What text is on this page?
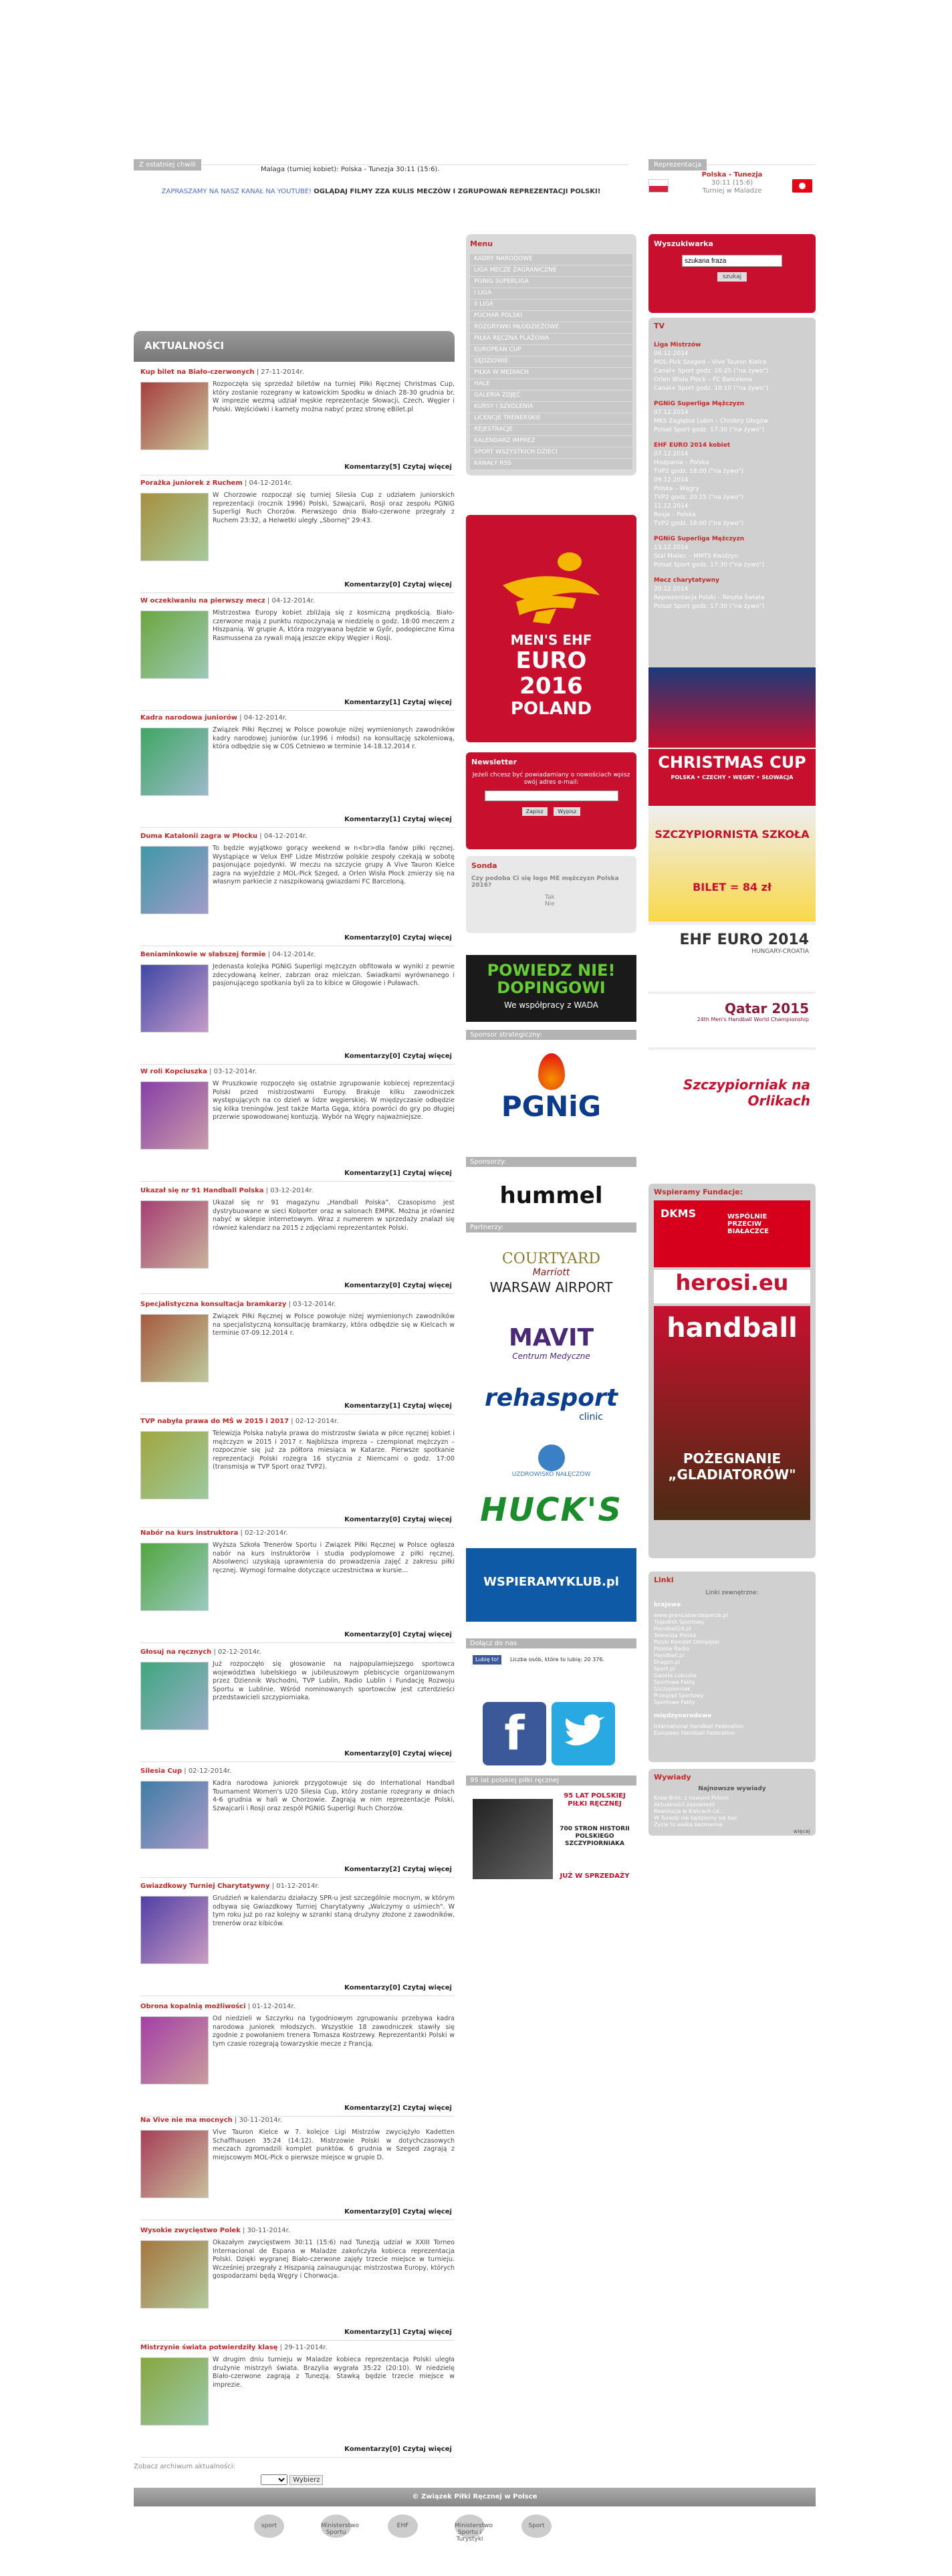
Z ostatniej chwili
Malaga (turniej kobiet): Polska - Tunezja 30:11 (15:6).
ZAPRASZAMY NA NASZ KANAŁ NA YOUTUBE! OGLĄDAJ FILMY ZZA KULIS MECZÓW I ZGRUPOWAŃ REPREZENTACJI POLSKI!
Reprezentacja
Polska - Tunezja
30:11 (15:6)
Turniej w Maladze
AKTUALNOŚCI
Kup bilet na Biało-czerwonych | 27-11-2014r.
Rozpoczęła się sprzedaż biletów na turniej Piłki Ręcznej Christmas Cup, który zostanie rozegrany w katowickim Spodku w dniach 28-30 grudnia br. W imprezie wezmą udział męskie reprezentacje Słowacji, Czech, Węgier i Polski. Wejściówki i karnety można nabyć przez stronę eBilet.pl
Komentarzy[5] Czytaj więcej
Porażka juniorek z Ruchem | 04-12-2014r.
W Chorzowie rozpoczął się turniej Silesia Cup z udziałem juniorskich reprezentacji (rocznik 1996) Polski, Szwajcarii, Rosji oraz zespołu PGNiG Superligi Ruch Chorzów. Pierwszego dnia Biało-czerwone przegrały z Ruchem 23:32, a Helwetki uległy „Sbornej" 29:43.
Komentarzy[0] Czytaj więcej
W oczekiwaniu na pierwszy mecz | 04-12-2014r.
Mistrzostwa Europy kobiet zbliżają się z kosmiczną prędkością. Biało-czerwone mają z punktu rozpoczynają w niedzielę o godz. 18:00 meczem z Hiszpanią. W grupie A, która rozgrywana będzie w Győr, podopieczne Kima Rasmussena za rywali mają jeszcze ekipy Węgier i Rosji.
Komentarzy[1] Czytaj więcej
Kadra narodowa juniorów | 04-12-2014r.
Związek Piłki Ręcznej w Polsce powołuje niżej wymienionych zawodników kadry narodowej juniorów (ur.1996 i młodsi) na konsultację szkoleniową, która odbędzie się w COS Cetniewo w terminie 14-18.12.2014 r.
Komentarzy[1] Czytaj więcej
Duma Katalonii zagra w Płocku | 04-12-2014r.
To będzie wyjątkowo gorący weekend w n<br>dla fanów piłki ręcznej. Wystąpiące w Velux EHF Lidze Mistrzów polskie zespoły czekają w sobotę pasjonujące pojedynki. W meczu na szczycie grupy A Vive Tauron Kielce zagra na wyjeździe z MOL-Pick Szeged, a Orlen Wisła Płock zmierzy się na własnym parkiecie z naszpikowaną gwiazdami FC Barceloną.
Komentarzy[0] Czytaj więcej
Beniaminkowie w słabszej formie | 04-12-2014r.
Jedenasta kolejka PGNiG Superligi mężczyzn obfitowała w wyniki z pewnie zdecydowaną kelner, zabrzan oraz mielczan. Świadkami wyrównanego i pasjonującego spotkania byli za to kibice w Głogowie i Puławach.
Komentarzy[0] Czytaj więcej
W roli Kopciuszka | 03-12-2014r.
W Pruszkowie rozpoczęło się ostatnie zgrupowanie kobiecej reprezentacji Polski przed mistrzostwami Europy. Brakuje kilku zawodniczek występujących na co dzień w lidze węgierskiej. W międzyczasie odbędzie się kilka treningów. Jest także Marta Gęga, która powróci do gry po długiej przerwie spowodowanej kontuzją. Wybór na Węgry najważniejsze.
Komentarzy[1] Czytaj więcej
Ukazał się nr 91 Handball Polska | 03-12-2014r.
Ukazał się nr 91 magazynu „Handball Polska”. Czasopismo jest dystrybuowane w sieci Kolporter oraz w salonach EMPiK. Można je również nabyć w sklepie internetowym. Wraz z numerem w sprzedaży znalazł się również kalendarz na 2015 z zdjęciami reprezentantek Polski.
Komentarzy[0] Czytaj więcej
Specjalistyczna konsultacja bramkarzy | 03-12-2014r.
Związek Piłki Ręcznej w Polsce powołuje niżej wymienionych zawodników na specjalistyczną konsultację bramkarzy, która odbędzie się w Kielcach w terminie 07-09.12.2014 r.
Komentarzy[1] Czytaj więcej
TVP nabyła prawa do MŚ w 2015 i 2017 | 02-12-2014r.
Telewizja Polska nabyła prawa do mistrzostw świata w piłce ręcznej kobiet i mężczyzn w 2015 i 2017 r. Najbliższa impreza – czempionat mężczyzn – rozpocznie się już za półtora miesiąca w Katarze. Pierwsze spotkanie reprezentacji Polski rozegra 16 stycznia z Niemcami o godz. 17:00 (transmisja w TVP Sport oraz TVP2).
Komentarzy[0] Czytaj więcej
Nabór na kurs instruktora | 02-12-2014r.
Wyższa Szkoła Trenerów Sportu i Związek Piłki Ręcznej w Polsce ogłasza nabór na kurs instruktorów i studia podyplomowe z piłki ręcznej. Absolwenci uzyskają uprawnienia do prowadzenia zajęć z zakresu piłki ręcznej. Wymogi formalne dotyczące uczestnictwa w kursie...
Komentarzy[0] Czytaj więcej
Głosuj na ręcznych | 02-12-2014r.
Już rozpoczęło się głosowanie na najpopularniejszego sportowca województwa lubelskiego w jubileuszowym plebiscycie organizowanym przez Dziennik Wschodni, TVP Lublin, Radio Lublin i Fundację Rozwoju Sportu w Lublinie. Wśród nominowanych sportowców jest czterdzieści przedstawicieli szczypiorniaka.
Komentarzy[0] Czytaj więcej
Silesia Cup | 02-12-2014r.
Kadra narodowa juniorek przygotowuje się do International Handball Tournament Women's U20 Silesia Cup, który zostanie rozegrany w dniach 4-6 grudnia w hali w Chorzowie. Zagrają w nim reprezentacje Polski, Szwajcarii i Rosji oraz zespół PGNiG Superligi Ruch Chorzów.
Komentarzy[2] Czytaj więcej
Gwiazdkowy Turniej Charytatywny | 01-12-2014r.
Grudzień w kalendarzu działaczy SPR-u jest szczególnie mocnym, w którym odbywa się Gwiazdkowy Turniej Charytatywny „Walczymy o uśmiech". W tym roku już po raz kolejny w szranki staną drużyny złożone z zawodników, trenerów oraz kibiców.
Komentarzy[0] Czytaj więcej
Obrona kopalnią możliwości | 01-12-2014r.
Od niedzieli w Szczyrku na tygodniowym zgrupowaniu przebywa kadra narodowa juniorek młodszych. Wszystkie 18 zawodniczek stawiły się zgodnie z powołaniem trenera Tomasza Kostrzewy. Reprezentantki Polski w tym czasie rozegrają towarzyskie mecze z Francją.
Komentarzy[2] Czytaj więcej
Na Vive nie ma mocnych | 30-11-2014r.
Vive Tauron Kielce w 7. kolejce Ligi Mistrzów zwyciężyło Kadetten Schaffhausen 35:24 (14:12). Mistrzowie Polski w dotychczasowych meczach zgromadzili komplet punktów. 6 grudnia w Szeged zagrają z miejscowym MOL-Pick o pierwsze miejsce w grupie D.
Komentarzy[0] Czytaj więcej
Wysokie zwycięstwo Polek | 30-11-2014r.
Okazałym zwycięstwem 30:11 (15:6) nad Tunezją udział w XXIII Torneo Internacional de Espana w Maladze zakończyła kobieca reprezentacja Polski. Dzięki wygranej Biało-czerwone zajęły trzecie miejsce w turnieju. Wcześniej przegrały z Hiszpanią zainaugurując mistrzostwa Europy, których gospodarzami będą Węgry i Chorwacja.
Komentarzy[1] Czytaj więcej
Mistrzynie świata potwierdziły klasę | 29-11-2014r.
W drugim dniu turnieju w Maladze kobieca reprezentacja Polski uległa drużynie mistrzyń świata. Brazylia wygrała 35:22 (20:10). W niedzielę Biało-czerwone zagrają z Tunezją. Stawką będzie trzecie miejsce w imprezie.
Komentarzy[0] Czytaj więcej
Zobacz archiwum aktualności:

Wybierz
Menu
KADRY NARODOWE
LIGA MECZE ZAGRANICZNE
PGNIG SUPERLIGA
I LIGA
II LIGA
PUCHAR POLSKI
ROZGRYWKI MŁODZIEŻOWE
PIŁKA RĘCZNA PLAŻOWA
EUROPEAN CUP
SĘDZIOWIE
PIŁKA W MEDIACH
HALE
GALERIA ZDJĘĆ
KURSY I SZKOLENIA
LICENCJE TRENERSKIE
REJESTRACJE
KALENDARZ IMPREZ
SPORT WSZYSTKICH DZIECI
KANAŁY RSS
MEN'S EHF
EURO
2016
POLAND
Newsletter
Jeżeli chcesz być powiadamiany o nowościach wpisz swój adres e-mail:
Zapisz	Wypisz
Sonda
Czy podoba Ci się logo ME mężczyzn Polska 2016?
Tak
Nie
POWIEDZ NIE! DOPINGOWI
We współpracy z WADA
Sponsor strategiczny:
PGNiG
Sponsorzy:
hummel
Partnerzy:
COURTYARD
Marriott
WARSAW AIRPORT
MAVIT
Centrum Medyczne
rehasport
clinic
UZDROWISKO NAŁĘCZÓW
HUCK'S
WSPIERAMYKLUB.pl
Dołącz do nas
Lubię to! Liczba osób, które to lubią: 20 376.
f
95 lat polskiej piłki ręcznej
95 LAT POLSKIEJ PIŁKI RĘCZNEJ
700 STRON HISTORII POLSKIEGO SZCZYPIORNIAKA
JUŻ W SPRZEDAŻY
Wyszukiwarka
szukana fraza
szukaj
TV
Liga Mistrzów
06.12.2014
MOL-Pick Szeged – Vive Tauron Kielce
Canal+ Sport godz. 16:25 ("na żywo")
Orlen Wisła Płock – FC Barcelona
Canal+ Sport godz. 18:10 ("na żywo")
PGNiG Superliga Mężczyzn
07.12.2014
MKS Zagłębie Lubin – Chrobry Głogów
Polsat Sport godz. 17:30 ("na żywo")
EHF EURO 2014 kobiet
07.12.2014
Hiszpania – Polska
TVP2 godz. 18:00 ("na żywo")
09.12.2014
Polska – Węgry
TVP2 godz. 20:15 ("na żywo")
11.12.2014
Rosja – Polska
TVP2 godz. 18:00 ("na żywo")
PGNiG Superliga Mężczyzn
13.12.2014
Stal Mielec – MMTS Kwidzyn
Polsat Sport godz. 17:30 ("na żywo")
Mecz charytatywny
20.12.2014
Reprezentacja Polski – Reszta Świata
Polsat Sport godz. 17:30 ("na żywo")
CHRISTMAS CUP
POLSKA • CZECHY • WĘGRY • SŁOWACJA
SZCZYPIORNISTA SZKOŁA
BILET = 84 zł
EHF EURO 2014
HUNGARY-CROATIA
Qatar 2015
24th Men's Handball World Championship
Szczypiorniak na Orlikach
Wspieramy Fundacje:
DKMS	WSPÓLNIE PRZECIW BIAŁACZCE
herosi.eu
handball
POŻEGNANIE „GLADIATORÓW"
Linki
Linki zewnętrzne:
krajowe
www.granicabandaiperze.pl
Tygodnik Sportowy
Handball24.pl
Telewizja Polska
Polski Komitet Olimpijski
Polskie Radio
Handball.pl
Dragon.pl
Sport.pl
Gazeta Lubuska
Sportowe Fakty
Szczypiorniak
Przegląd Sportowy
Sportowe Fakty
międzynarodowe
International Handball Federation
European Handball Federation
Wywiady
Najnowsze wywiady
Kraw-Bros: z nowymi Polonii
Aktualności zapowiedź
Rewolucja w Kielcach cd...
W Tunezji nie będziemy się bać
Życie to walka bezmarnie
więcej
© Związek Piłki Ręcznej w Polsce
sport	Ministerstwo Sportu
EHF	Ministerstwo Sportu i Turystyki
Sport
